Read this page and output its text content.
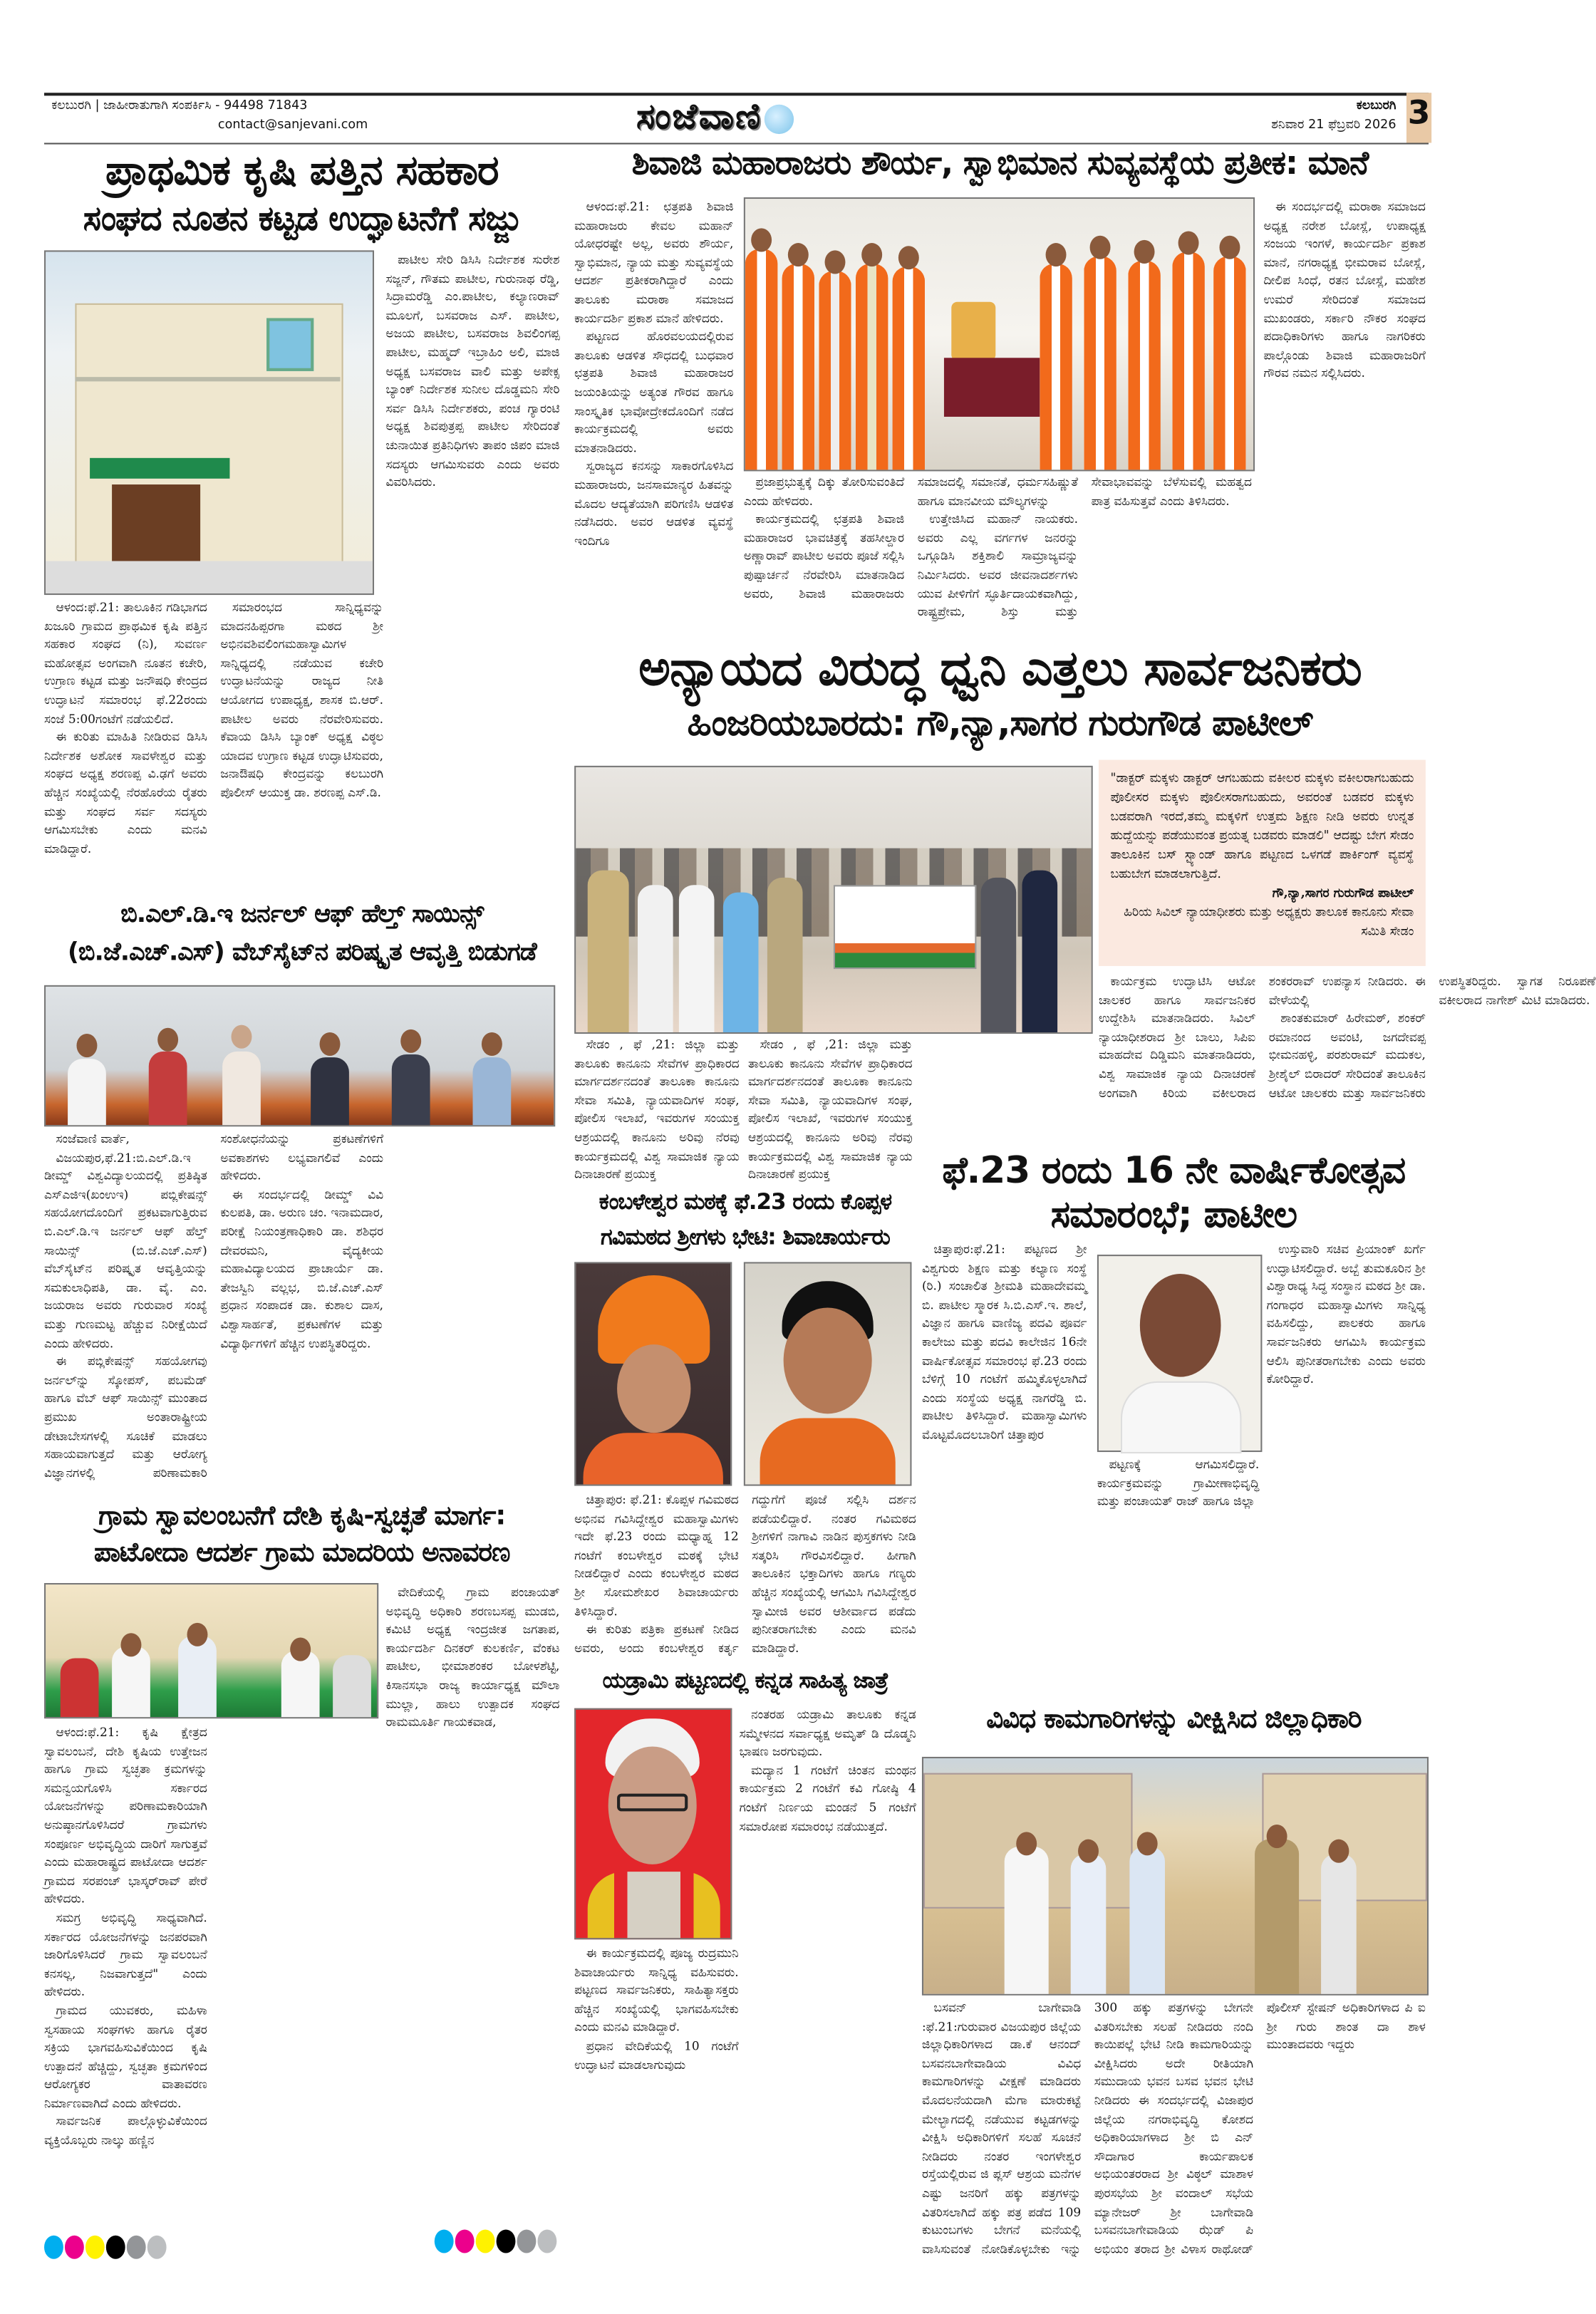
ಕಲಬುರಗಿ | ಜಾಹೀರಾತುಗಾಗಿ ಸಂಪರ್ಕಿಸಿ - 94498 71843
contact@sanjevani.com	ಸಂಜೆವಾಣಿ	ಕಲಬುರಗಿ
ಶನಿವಾರ 21 ಫೆಬ್ರವರಿ 2026 3
ಪ್ರಾಥಮಿಕ ಕೃಷಿ ಪತ್ತಿನ ಸಹಕಾರ
ಸಂಘದ ನೂತನ ಕಟ್ಟಡ ಉದ್ಘಾಟನೆಗೆ ಸಜ್ಜು

ಪಾಟೀಲ ಸೇರಿ ಡಿಸಿಸಿ ನಿರ್ದೇಶಕ ಸುರೇಶ ಸಜ್ಜನ್, ಗೌತಮ ಪಾಟೀಲ, ಗುರುನಾಥ ರೆಡ್ಡಿ, ಸಿದ್ರಾಮರೆಡ್ಡಿ ಎಂ.ಪಾಟೀಲ, ಕಲ್ಯಾಣರಾವ್ ಮೂಲಗೆ, ಬಸವರಾಜ ಎಸ್. ಪಾಟೀಲ, ಅಜಯ ಪಾಟೀಲ, ಬಸವರಾಜ ಶಿವಲಿಂಗಪ್ಪ ಪಾಟೀಲ, ಮಹ್ಮದ್ ಇಬ್ರಾಹಿಂ ಅಲಿ, ಮಾಜಿ ಅಧ್ಯಕ್ಷ ಬಸವರಾಜ ವಾಲಿ ಮತ್ತು ಅಪೇಕ್ಸ ಬ್ಯಾಂಕ್ ನಿರ್ದೇಶಕ ಸುನೀಲ ದೊಡ್ಡಮನಿ ಸೇರಿ ಸರ್ವ ಡಿಸಿಸಿ ನಿರ್ದೇಶಕರು, ಪಂಚ ಗ್ಯಾರಂಟಿ ಅಧ್ಯಕ್ಷ ಶಿವಪುತ್ರಪ್ಪ ಪಾಟೀಲ ಸೇರಿದಂತೆ ಚುನಾಯಿತ ಪ್ರತಿನಿಧಿಗಳು ತಾಪಂ ಜಿಪಂ ಮಾಜಿ ಸದಸ್ಯರು ಆಗಮಿಸುವರು ಎಂದು ಅವರು ವಿವರಿಸಿದರು.

ಆಳಂದ:ಫೆ.21: ತಾಲೂಕಿನ ಗಡಿಭಾಗದ ಖಜೂರಿ ಗ್ರಾಮದ ಪ್ರಾಥಮಿಕ ಕೃಷಿ ಪತ್ತಿನ ಸಹಕಾರ ಸಂಘದ (ನಿ), ಸುವರ್ಣ ಮಹೋತ್ಸವ ಅಂಗವಾಗಿ ನೂತನ ಕಚೇರಿ, ಉಗ್ರಾಣ ಕಟ್ಟಡ ಮತ್ತು ಜನೌಷಧಿ ಕೇಂದ್ರದ ಉದ್ಘಾಟನೆ ಸಮಾರಂಭ ಫೆ.22ರಂದು ಸಂಜೆ 5:00ಗಂಟೆಗೆ ನಡೆಯಲಿದೆ.

ಈ ಕುರಿತು ಮಾಹಿತಿ ನೀಡಿರುವ ಡಿಸಿಸಿ ನಿರ್ದೇಶಕ ಅಶೋಕ ಸಾವಳೇಶ್ವರ ಮತ್ತು ಸಂಘದ ಅಧ್ಯಕ್ಷ ಶರಣಪ್ಪ ವಿ.ಢಗೆ ಅವರು ಹೆಚ್ಚಿನ ಸಂಖ್ಯೆಯಲ್ಲಿ ನೆರಹೊರೆಯ ರೈತರು ಮತ್ತು ಸಂಘದ ಸರ್ವ ಸದಸ್ಯರು ಆಗಮಿಸಬೇಕು ಎಂದು ಮನವಿ ಮಾಡಿದ್ದಾರೆ.

ಸಮಾರಂಭದ ಸಾನ್ನಿಧ್ಯವನ್ನು ಮಾದನಹಿಪ್ಪರಗಾ ಮಠದ ಶ್ರೀ ಅಭಿನವಶಿವಲಿಂಗಮಹಾಸ್ವಾಮಿಗಳ ಸಾನ್ನಿಧ್ಯದಲ್ಲಿ ನಡೆಯುವ ಕಚೇರಿ ಉದ್ಘಾಟನೆಯನ್ನು ರಾಜ್ಯದ ನೀತಿ ಆಯೋಗದ ಉಪಾಧ್ಯಕ್ಷ, ಶಾಸಕ ಬಿ.ಆರ್. ಪಾಟೀಲ ಅವರು ನೆರವೇರಿಸುವರು. ಕೆವಾಯ ಡಿಸಿಸಿ ಬ್ಯಾಂಕ್ ಅಧ್ಯಕ್ಷ ವಿಠ್ಠಲ ಯಾದವ ಉಗ್ರಾಣ ಕಟ್ಟಡ ಉದ್ಘಾಟಿಸುವರು, ಜನಾಔಷಧಿ ಕೇಂದ್ರವನ್ನು ಕಲಬುರಗಿ ಪೊಲೀಸ್ ಆಯುಕ್ತ ಡಾ. ಶರಣಪ್ಪ ಎಸ್.ಡಿ.

ಬಿ.ಎಲ್.ಡಿ.ಇ ಜರ್ನಲ್ ಆಫ್ ಹೆಲ್ತ್ ಸಾಯಿನ್ಸ್
(ಬಿ.ಜೆ.ಎಚ್.ಎಸ್) ವೆಬ್‌ಸೈಟ್‌ನ ಪರಿಷ್ಕೃತ ಆವೃತ್ತಿ ಬಿಡುಗಡೆ

ಸಂಜೆವಾಣಿ ವಾರ್ತೆ,

ವಿಜಯಪುರ,ಫೆ.21:ಬಿ.ಎಲ್.ಡಿ.ಇ ಡೀಮ್ಡ್ ವಿಶ್ವವಿದ್ಯಾಲಯದಲ್ಲಿ ಪ್ರತಿಷ್ಠಿತ ಎಸ್‌ಎಜಿಇ(ಖಂಉಇ) ಪಬ್ಲಿಕೇಷನ್ಸ್ ಸಹಯೋಗದೊಂದಿಗೆ ಪ್ರಕಟವಾಗುತ್ತಿರುವ ಬಿ.ಎಲ್.ಡಿ.ಇ ಜರ್ನಲ್ ಆಫ್ ಹೆಲ್ತ್ ಸಾಯಿನ್ಸ್ (ಬಿ.ಜೆ.ಎಚ್.ಎಸ್) ವೆಬ್‌ಸೈಟ್‌ನ ಪರಿಷ್ಕೃತ ಆವೃತ್ತಿಯನ್ನು ಸಮಕುಲಾಧಿಪತಿ, ಡಾ. ವೈ. ಎಂ. ಜಯರಾಜ ಅವರು ಗುರುವಾರ ಸಂಖ್ಯೆ ಮತ್ತು ಗುಣಮಟ್ಟ ಹೆಚ್ಚುವ ನಿರೀಕ್ಷೆಯಿದೆ ಎಂದು ಹೇಳಿದರು.

ಈ ಪಬ್ಲಿಕೇಷನ್ಸ್ ಸಹಯೋಗವು ಜರ್ನಲ್‌ನ್ನು ಸ್ಕೋಪಸ್, ಪಬಮೆಡ್ ಹಾಗೂ ವೆಬ್ ಆಫ್ ಸಾಯಿನ್ಸ್ ಮುಂತಾದ ಪ್ರಮುಖ ಅಂತಾರಾಷ್ಟ್ರೀಯ ಡೇಟಾಬೇಸಗಳಲ್ಲಿ ಸೂಚಿಕೆ ಮಾಡಲು ಸಹಾಯವಾಗುತ್ತದೆ ಮತ್ತು ಆರೋಗ್ಯ ವಿಜ್ಞಾನಗಳಲ್ಲಿ ಪರಿಣಾಮಕಾರಿ ಸಂಶೋಧನೆಯನ್ನು ಪ್ರಕಟಣೆಗಳಿಗೆ ಅವಕಾಶಗಳು ಲಭ್ಯವಾಗಲಿವೆ ಎಂದು ಹೇಳಿದರು.

ಈ ಸಂದರ್ಭದಲ್ಲಿ ಡೀಮ್ಡ್ ವಿವಿ ಕುಲಪತಿ, ಡಾ. ಅರುಣ ಚಂ. ಇನಾಮದಾರ, ಪರೀಕ್ಷೆ ನಿಯಂತ್ರಣಾಧಿಕಾರಿ ಡಾ. ಶಶಿಧರ ದೇವರಮನಿ, ವೈದ್ಯಕೀಯ ಮಹಾವಿದ್ಯಾಲಯದ ಪ್ರಾಚಾರ್ಯೆ ಡಾ. ತೇಜಸ್ವಿನಿ ವಲ್ಲಭ, ಬಿ.ಜೆ.ಎಚ್.ಎಸ್ ಪ್ರಧಾನ ಸಂಪಾದಕ ಡಾ. ಕುಶಾಲ ದಾಸ, ವಿಶ್ವಾಸಾರ್ಹತೆ, ಪ್ರಕಟಣೆಗಳ ಮತ್ತು ವಿದ್ಯಾರ್ಥಿಗಳಿಗೆ ಹೆಚ್ಚಿನ ಉಪಸ್ಥಿತರಿದ್ದರು.

ಗ್ರಾಮ ಸ್ವಾವಲಂಬನೆಗೆ ದೇಶಿ ಕೃಷಿ-ಸ್ವಚ್ಛತೆ ಮಾರ್ಗ:
ಪಾಟೋದಾ ಆದರ್ಶ ಗ್ರಾಮ ಮಾದರಿಯ ಅನಾವರಣ

ವೇದಿಕೆಯಲ್ಲಿ ಗ್ರಾಮ ಪಂಚಾಯತ್ ಅಭಿವೃದ್ಧಿ ಅಧಿಕಾರಿ ಶರಣಬಸಪ್ಪ ಮುಡಬಿ, ಕಮಿಟಿ ಅಧ್ಯಕ್ಷ ಇಂದ್ರಜೀತ ಜಗತಾಪ, ಕಾರ್ಯದರ್ಶಿ ದಿನಕರ್ ಕುಲಕರ್ಣಿ, ವೆಂಕಟ ಪಾಟೀಲ, ಭೀಮಾಶಂಕರ ಬೋಳಶೆಟ್ಟಿ, ಕಿಸಾನಸಭಾ ರಾಜ್ಯ ಕಾರ್ಯಾಧ್ಯಕ್ಷ ಮೌಲಾ ಮುಲ್ಲಾ, ಹಾಲು ಉತ್ಪಾದಕ ಸಂಘದ ರಾಮಮೂರ್ತಿ ಗಾಯಕವಾಡ,

ಆಳಂದ:ಫೆ.21: ಕೃಷಿ ಕ್ಷೇತ್ರದ ಸ್ವಾವಲಂಬನೆ, ದೇಶಿ ಕೃಷಿಯ ಉತ್ತೇಜನ ಹಾಗೂ ಗ್ರಾಮ ಸ್ವಚ್ಛತಾ ಕ್ರಮಗಳನ್ನು ಸಮನ್ವಯಗೊಳಿಸಿ ಸರ್ಕಾರದ ಯೋಜನೆಗಳನ್ನು ಪರಿಣಾಮಕಾರಿಯಾಗಿ ಅನುಷ್ಠಾನಗೊಳಿಸಿದರೆ ಗ್ರಾಮಗಳು ಸಂಪೂರ್ಣ ಅಭಿವೃದ್ಧಿಯ ದಾರಿಗೆ ಸಾಗುತ್ತವೆ ಎಂದು ಮಹಾರಾಷ್ಟ್ರದ ಪಾಟೋದಾ ಆದರ್ಶ ಗ್ರಾಮದ ಸರಪಂಚ್ ಭಾಸ್ಕರ್‌ರಾವ್ ಪೇರೆ ಹೇಳಿದರು.

ಸಮಗ್ರ ಅಭಿವೃದ್ಧಿ ಸಾಧ್ಯವಾಗಿದೆ. ಸರ್ಕಾರದ ಯೋಜನೆಗಳನ್ನು ಜನಪರವಾಗಿ ಜಾರಿಗೊಳಿಸಿದರೆ ಗ್ರಾಮ ಸ್ವಾವಲಂಬನೆ ಕನಸಲ್ಲ, ನಿಜವಾಗುತ್ತದೆ" ಎಂದು ಹೇಳಿದರು.

ಗ್ರಾಮದ ಯುವಕರು, ಮಹಿಳಾ ಸ್ವಸಹಾಯ ಸಂಘಗಳು ಹಾಗೂ ರೈತರ ಸಕ್ರಿಯ ಭಾಗವಹಿಸುವಿಕೆಯಿಂದ ಕೃಷಿ ಉತ್ಪಾದನೆ ಹೆಚ್ಚಿದ್ದು, ಸ್ವಚ್ಛತಾ ಕ್ರಮಗಳಿಂದ ಆರೋಗ್ಯಕರ ವಾತಾವರಣ ನಿರ್ಮಾಣವಾಗಿದೆ ಎಂದು ಹೇಳಿದರು.

ಸಾರ್ವಜನಿಕ ಪಾಲ್ಗೊಳ್ಳುವಿಕೆಯಿಂದ ವ್ಯಕ್ತಿಯೊಬ್ಬರು ನಾಲ್ಕು ಹಣ್ಣಿನ

ಶಿವಾಜಿ ಮಹಾರಾಜರು ಶೌರ್ಯ, ಸ್ವಾಭಿಮಾನ ಸುವ್ಯವಸ್ಥೆಯ ಪ್ರತೀಕ: ಮಾನೆ

ಆಳಂದ:ಫೆ.21: ಛತ್ರಪತಿ ಶಿವಾಜಿ ಮಹಾರಾಜರು ಕೇವಲ ಮಹಾನ್ ಯೋಧರಷ್ಟೇ ಅಲ್ಲ, ಅವರು ಶೌರ್ಯ, ಸ್ವಾಭಿಮಾನ, ನ್ಯಾಯ ಮತ್ತು ಸುವ್ಯವಸ್ಥೆಯ ಆದರ್ಶ ಪ್ರತೀಕರಾಗಿದ್ದಾರೆ ಎಂದು ತಾಲೂಕು ಮರಾಠಾ ಸಮಾಜದ ಕಾರ್ಯದರ್ಶಿ ಪ್ರಕಾಶ ಮಾನೆ ಹೇಳಿದರು.

ಪಟ್ಟಣದ ಹೊರವಲಯದಲ್ಲಿರುವ ತಾಲೂಕು ಆಡಳಿತ ಸೌಧದಲ್ಲಿ ಬುಧವಾರ ಛತ್ರಪತಿ ಶಿವಾಜಿ ಮಹಾರಾಜರ ಜಯಂತಿಯನ್ನು ಅತ್ಯಂತ ಗೌರವ ಹಾಗೂ ಸಾಂಸ್ಕೃತಿಕ ಭಾವೋದ್ರೇಕದೊಂದಿಗೆ ನಡೆದ ಕಾರ್ಯಕ್ರಮದಲ್ಲಿ ಅವರು ಮಾತನಾಡಿದರು.

ಸ್ವರಾಜ್ಯದ ಕನಸನ್ನು ಸಾಕಾರಗೊಳಿಸಿದ ಮಹಾರಾಜರು, ಜನಸಾಮಾನ್ಯರ ಹಿತವನ್ನು ಮೊದಲ ಆದ್ಯತೆಯಾಗಿ ಪರಿಗಣಿಸಿ ಆಡಳಿತ ನಡೆಸಿದರು. ಅವರ ಆಡಳಿತ ವ್ಯವಸ್ಥೆ ಇಂದಿಗೂ

ಪ್ರಜಾಪ್ರಭುತ್ವಕ್ಕೆ ದಿಕ್ಕು ತೋರಿಸುವಂತಿದೆ ಎಂದು ಹೇಳಿದರು.

ಕಾರ್ಯಕ್ರಮದಲ್ಲಿ ಛತ್ರಪತಿ ಶಿವಾಜಿ ಮಹಾರಾಜರ ಭಾವಚಿತ್ರಕ್ಕೆ ತಹಸೀಲ್ದಾರ ಅಣ್ಣಾರಾವ್ ಪಾಟೀಲ ಅವರು ಪೂಜೆ ಸಲ್ಲಿಸಿ ಪುಷ್ಪಾರ್ಚನೆ ನೆರವೇರಿಸಿ ಮಾತನಾಡಿದ ಅವರು, ಶಿವಾಜಿ ಮಹಾರಾಜರು ಸಮಾಜದಲ್ಲಿ ಸಮಾನತೆ, ಧರ್ಮಸಹಿಷ್ಣುತೆ ಹಾಗೂ ಮಾನವೀಯ ಮೌಲ್ಯಗಳನ್ನು

ಉತ್ತೇಜಿಸಿದ ಮಹಾನ್ ನಾಯಕರು. ಅವರು ಎಲ್ಲ ವರ್ಗಗಳ ಜನರನ್ನು ಒಗ್ಗೂಡಿಸಿ ಶಕ್ತಿಶಾಲಿ ಸಾಮ್ರಾಜ್ಯವನ್ನು ನಿರ್ಮಿಸಿದರು. ಅವರ ಜೀವನಾದರ್ಶಗಳು ಯುವ ಪೀಳಿಗೆಗೆ ಸ್ಫೂರ್ತಿದಾಯಕವಾಗಿದ್ದು, ರಾಷ್ಟ್ರಪ್ರೇಮ, ಶಿಸ್ತು ಮತ್ತು ಸೇವಾಭಾವವನ್ನು ಬೆಳೆಸುವಲ್ಲಿ ಮಹತ್ವದ ಪಾತ್ರ ವಹಿಸುತ್ತವೆ ಎಂದು ತಿಳಿಸಿದರು.

ಈ ಸಂದರ್ಭದಲ್ಲಿ ಮರಾಠಾ ಸಮಾಜದ ಅಧ್ಯಕ್ಷ ನರೇಶ ಬೋಸ್ಲೆ, ಉಪಾಧ್ಯಕ್ಷ ಸಂಜಯ ಇಂಗಳೆ, ಕಾರ್ಯದರ್ಶಿ ಪ್ರಕಾಶ ಮಾನೆ, ನಗರಾಧ್ಯಕ್ಷ ಭೀಮರಾವ ಬೋಸ್ಲೆ, ದೀಲಿಪ ಸಿಂಧೆ, ರತನ ಬೋಸ್ಲೆ, ಮಹೇಶ ಉಮರೆ ಸೇರಿದಂತೆ ಸಮಾಜದ ಮುಖಂಡರು, ಸರ್ಕಾರಿ ನೌಕರ ಸಂಘದ ಪದಾಧಿಕಾರಿಗಳು ಹಾಗೂ ನಾಗರಿಕರು ಪಾಲ್ಗೊಂಡು ಶಿವಾಜಿ ಮಹಾರಾಜರಿಗೆ ಗೌರವ ನಮನ ಸಲ್ಲಿಸಿದರು.

ಅನ್ಯಾಯದ ವಿರುದ್ಧ ಧ್ವನಿ ಎತ್ತಲು ಸಾರ್ವಜನಿಕರು
ಹಿಂಜರಿಯಬಾರದು: ಗೌ,ನ್ಯಾ,ಸಾಗರ ಗುರುಗೌಡ ಪಾಟೀಲ್

"ಡಾಕ್ಟರ್ ಮಕ್ಕಳು ಡಾಕ್ಟರ್ ಆಗಬಹುದು ವಕೀಲರ ಮಕ್ಕಳು ವಕೀಲರಾಗಬಹುದು ಪೊಲೀಸರ ಮಕ್ಕಳು ಪೊಲೀಸರಾಗಬಹುದು, ಅವರಂತೆ ಬಡವರ ಮಕ್ಕಳು ಬಡವರಾಗಿ ಇರದೆ,ತಮ್ಮ ಮಕ್ಕಳಿಗೆ ಉತ್ತಮ ಶಿಕ್ಷಣ ನೀಡಿ ಅವರು ಉನ್ನತ ಹುದ್ದೆಯನ್ನು ಪಡೆಯುವಂತ ಪ್ರಯತ್ನ ಬಡವರು ಮಾಡಲಿ" ಆದಷ್ಟು ಬೇಗ ಸೇಡಂ ತಾಲೂಕಿನ ಬಸ್ ಸ್ಟ್ಯಾಂಡ್ ಹಾಗೂ ಪಟ್ಟಣದ ಒಳಗಡೆ ಪಾರ್ಕಿಂಗ್ ವ್ಯವಸ್ಥೆ ಬಹುಬೇಗ ಮಾಡಲಾಗುತ್ತಿದೆ.

ಗೌ,ನ್ಯಾ,ಸಾಗರ ಗುರುಗೌಡ ಪಾಟೀಲ್

ಹಿರಿಯ ಸಿವಿಲ್ ನ್ಯಾಯಾಧೀಶರು ಮತ್ತು ಅಧ್ಯಕ್ಷರು ತಾಲೂಕ ಕಾನೂನು ಸೇವಾ ಸಮಿತಿ ಸೇಡಂ

ಸೇಡಂ , ಫೆ ,21: ಜಿಲ್ಲಾ ಮತ್ತು ತಾಲೂಕು ಕಾನೂನು ಸೇವೆಗಳ ಪ್ರಾಧಿಕಾರದ ಮಾರ್ಗದರ್ಶನದಂತೆ ತಾಲೂಕಾ ಕಾನೂನು ಸೇವಾ ಸಮಿತಿ, ನ್ಯಾಯವಾದಿಗಳ ಸಂಘ, ಪೋಲಿಸ ಇಲಾಖೆ, ಇವರುಗಳ ಸಂಯುಕ್ತ ಆಶ್ರಯದಲ್ಲಿ ಕಾನೂನು ಅರಿವು ನೆರವು ಕಾರ್ಯಕ್ರಮದಲ್ಲಿ ವಿಶ್ವ ಸಾಮಾಜಿಕ ನ್ಯಾಯ ದಿನಾಚಾರಣೆ ಪ್ರಯುಕ್ತ

ಸೇಡಂ , ಫೆ ,21: ಜಿಲ್ಲಾ ಮತ್ತು ತಾಲೂಕು ಕಾನೂನು ಸೇವೆಗಳ ಪ್ರಾಧಿಕಾರದ ಮಾರ್ಗದರ್ಶನದಂತೆ ತಾಲೂಕಾ ಕಾನೂನು ಸೇವಾ ಸಮಿತಿ, ನ್ಯಾಯವಾದಿಗಳ ಸಂಘ, ಪೋಲಿಸ ಇಲಾಖೆ, ಇವರುಗಳ ಸಂಯುಕ್ತ ಆಶ್ರಯದಲ್ಲಿ ಕಾನೂನು ಅರಿವು ನೆರವು ಕಾರ್ಯಕ್ರಮದಲ್ಲಿ ವಿಶ್ವ ಸಾಮಾಜಿಕ ನ್ಯಾಯ ದಿನಾಚಾರಣೆ ಪ್ರಯುಕ್ತ

ಕಾರ್ಯಕ್ರಮ ಉದ್ಘಾಟಿಸಿ ಆಟೋ ಚಾಲಕರ ಹಾಗೂ ಸಾರ್ವಜನಿಕರ ಉದ್ದೇಶಿಸಿ ಮಾತನಾಡಿದರು. ಸಿವಿಲ್ ನ್ಯಾಯಾಧೀಶರಾದ ಶ್ರೀ ಬಾಲು, ಸಿಪಿಐ ಮಾಹದೇವ ದಿಡ್ಡಿಮನಿ ಮಾತನಾಡಿದರು, ವಿಶ್ವ ಸಾಮಾಜಿಕ ನ್ಯಾಯ ದಿನಾಚರಣೆ ಅಂಗವಾಗಿ ಕಿರಿಯ ವಕೀಲರಾದ ಶಂಕರರಾವ್ ಉಪನ್ಯಾಸ ನೀಡಿದರು. ಈ ವೇಳೆಯಲ್ಲಿ

ಶಾಂತಕುಮಾರ್ ಹಿರೇಮಠ್, ಶಂಕರ್ ರಮಾನಂದ ಅವಂಟಿ, ಜಗದೇವಪ್ಪ ಭೀಮನಹಳ್ಳಿ, ಪರಶುರಾಮ್ ಮದುಕಲ, ಶ್ರೀಶೈಲ್ ಬಿರಾದರ್ ಸೇರಿದಂತೆ ತಾಲೂಕಿನ ಆಟೋ ಚಾಲಕರು ಮತ್ತು ಸಾರ್ವಜನಿಕರು ಉಪಸ್ಥಿತರಿದ್ದರು. ಸ್ವಾಗತ ನಿರೂಪಣೆ ವಕೀಲರಾದ ನಾಗೇಶ್ ಮಿಟಿ ಮಾಡಿದರು.

ಕಂಬಳೇಶ್ವರ ಮಠಕ್ಕೆ ಫೆ.23 ರಂದು ಕೊಪ್ಪಳ
ಗವಿಮಠದ ಶ್ರೀಗಳು ಭೇಟಿ: ಶಿವಾಚಾರ್ಯರು

ಚಿತ್ತಾಪುರ: ಫೆ.21: ಕೊಪ್ಪಳ ಗವಿಮಠದ ಅಭಿನವ ಗವಿಸಿದ್ದೇಶ್ವರ ಮಹಾಸ್ವಾಮಿಗಳು ಇದೇ ಫೆ.23 ರಂದು ಮಧ್ಯಾಹ್ನ 12 ಗಂಟೆಗೆ ಕಂಬಳೇಶ್ವರ ಮಠಕ್ಕೆ ಭೇಟಿ ನೀಡಲಿದ್ದಾರೆ ಎಂದು ಕಂಬಳೇಶ್ವರ ಮಠದ ಶ್ರೀ ಸೋಮಶೇಖರ ಶಿವಾಚಾರ್ಯರು ತಿಳಿಸಿದ್ದಾರೆ.

ಈ ಕುರಿತು ಪತ್ರಿಕಾ ಪ್ರಕಟಣೆ ನೀಡಿದ ಅವರು, ಅಂದು ಕಂಬಳೇಶ್ವರ ಕರ್ತೃ ಗದ್ದುಗೆಗೆ ಪೂಜೆ ಸಲ್ಲಿಸಿ ದರ್ಶನ ಪಡೆಯಲಿದ್ದಾರೆ. ನಂತರ ಗವಿಮಠದ ಶ್ರೀಗಳಿಗೆ ನಾಗಾವಿ ನಾಡಿನ ಪುಸ್ತಕಗಳು ನೀಡಿ ಸತ್ಕರಿಸಿ ಗೌರವಿಸಲಿದ್ದಾರೆ. ಹೀಗಾಗಿ ತಾಲೂಕಿನ ಭಕ್ತಾದಿಗಳು ಹಾಗೂ ಗಣ್ಯರು ಹೆಚ್ಚಿನ ಸಂಖ್ಯೆಯಲ್ಲಿ ಆಗಮಿಸಿ ಗವಿಸಿದ್ದೇಶ್ವರ ಸ್ವಾಮೀಜಿ ಅವರ ಆಶೀರ್ವಾದ ಪಡೆದು ಪುನೀತರಾಗಬೇಕು ಎಂದು ಮನವಿ ಮಾಡಿದ್ದಾರೆ.

ಫೆ.23 ರಂದು 16 ನೇ ವಾರ್ಷಿಕೋತ್ಸವ
ಸಮಾರಂಭೆ; ಪಾಟೀಲ

ಚಿತ್ತಾಪುರ:ಫೆ.21: ಪಟ್ಟಣದ ಶ್ರೀ ವಿಶ್ವಗುರು ಶಿಕ್ಷಣ ಮತ್ತು ಕಲ್ಯಾಣ ಸಂಸ್ಥೆ (ರಿ.) ಸಂಚಾಲಿತ ಶ್ರೀಮತಿ ಮಹಾದೇವಮ್ಮ ಬಿ. ಪಾಟೀಲ ಸ್ಮಾರಕ ಸಿ.ಬಿ.ಎಸ್.ಇ. ಶಾಲೆ, ವಿಜ್ಞಾನ ಹಾಗೂ ವಾಣಿಜ್ಯ ಪದವಿ ಪೂರ್ವ ಕಾಲೇಜು ಮತ್ತು ಪದವಿ ಕಾಲೇಜಿನ 16ನೇ ವಾರ್ಷಿಕೋತ್ಸವ ಸಮಾರಂಭ ಫೆ.23 ರಂದು ಬೆಳಿಗ್ಗೆ 10 ಗಂಟೆಗೆ ಹಮ್ಮಿಕೊಳ್ಳಲಾಗಿದೆ ಎಂದು ಸಂಸ್ಥೆಯ ಅಧ್ಯಕ್ಷ ನಾಗರೆಡ್ಡಿ ಬಿ. ಪಾಟೀಲ ತಿಳಿಸಿದ್ದಾರೆ. ಮಹಾಸ್ವಾಮಿಗಳು ಮೊಟ್ಟಮೊದಲಬಾರಿಗೆ ಚಿತ್ತಾಪುರ

ಪಟ್ಟಣಕ್ಕೆ ಆಗಮಿಸಲಿದ್ದಾರೆ. ಕಾರ್ಯಕ್ರಮವನ್ನು ಗ್ರಾಮೀಣಾಭಿವೃದ್ಧಿ ಮತ್ತು ಪಂಚಾಯತ್ ರಾಜ್ ಹಾಗೂ ಜಿಲ್ಲಾ

ಉಸ್ತುವಾರಿ ಸಚಿವ ಪ್ರಿಯಾಂಕ್ ಖರ್ಗೆ ಉದ್ಘಾಟಿಸಲಿದ್ದಾರೆ. ಅಬ್ಬೆ ತುಮಕೂರಿನ ಶ್ರೀ ವಿಶ್ವಾರಾಧ್ಯ ಸಿದ್ಧ ಸಂಸ್ಥಾನ ಮಠದ ಶ್ರೀ ಡಾ. ಗಂಗಾಧರ ಮಹಾಸ್ವಾಮಿಗಳು ಸಾನ್ನಿಧ್ಯ ವಹಿಸಲಿದ್ದು, ಪಾಲಕರು ಹಾಗೂ ಸಾರ್ವಜನಿಕರು ಆಗಮಿಸಿ ಕಾರ್ಯಕ್ರಮ ಆಲಿಸಿ ಪುನೀತರಾಗಬೇಕು ಎಂದು ಅವರು ಕೋರಿದ್ದಾರೆ.

ಯಡ್ರಾಮಿ ಪಟ್ಟಣದಲ್ಲಿ ಕನ್ನಡ ಸಾಹಿತ್ಯ ಜಾತ್ರೆ

ನಂತರಹ ಯಡ್ರಾಮಿ ತಾಲೂಕು ಕನ್ನಡ ಸಮ್ಮೇಳನದ ಸರ್ವಾಧ್ಯಕ್ಷ ಅಮೃತ್ ಡಿ ದೊಡ್ಮನಿ ಭಾಷಣ ಜರಗುವುದು.

ಮದ್ಯಾನ 1 ಗಂಟೆಗೆ ಚಿಂತನ ಮಂಥನ ಕಾರ್ಯಕ್ರಮ 2 ಗಂಟೆಗೆ ಕವಿ ಗೋಷ್ಠಿ 4 ಗಂಟೆಗೆ ನಿರ್ಣಯ ಮಂಡನೆ 5 ಗಂಟೆಗೆ ಸಮಾರೋಪ ಸಮಾರಂಭ ನಡೆಯುತ್ತದೆ.

ಈ ಕಾರ್ಯಕ್ರಮದಲ್ಲಿ ಪೂಜ್ಯ ರುದ್ರಮುನಿ ಶಿವಾಚಾರ್ಯರು ಸಾನ್ನಿಧ್ಯ ವಹಿಸುವರು. ಪಟ್ಟಣದ ಸಾರ್ವಜನಿಕರು, ಸಾಹಿತ್ಯಾಸಕ್ತರು ಹೆಚ್ಚಿನ ಸಂಖ್ಯೆಯಲ್ಲಿ ಭಾಗವಹಿಸಬೇಕು ಎಂದು ಮನವಿ ಮಾಡಿದ್ದಾರೆ.

ಪ್ರಧಾನ ವೇದಿಕೆಯಲ್ಲಿ 10 ಗಂಟೆಗೆ ಉದ್ಘಾಟನೆ ಮಾಡಲಾಗುವುದು

ವಿವಿಧ ಕಾಮಗಾರಿಗಳನ್ನು ವೀಕ್ಷಿಸಿದ ಜಿಲ್ಲಾಧಿಕಾರಿ

ಬಸವನ್ ಬಾಗೇವಾಡಿ :ಫೆ.21:ಗುರುವಾರ ವಿಜಯಪುರ ಜಿಲ್ಲೆಯ ಜಿಲ್ಲಾಧಿಕಾರಿಗಳಾದ ಡಾ.ಕೆ ಆನಂದ್ ಬಸವನಬಾಗೇವಾಡಿಯ ವಿವಿಧ ಕಾಮಗಾರಿಗಳನ್ನು ವೀಕ್ಷಣೆ ಮಾಡಿದರು ಮೊದಲನೆಯದಾಗಿ ಮೆಗಾ ಮಾರುಕಟ್ಟೆ ಮೇಲ್ಭಾಗದಲ್ಲಿ ನಡೆಯುವ ಕಟ್ಟಡಗಳನ್ನು ವೀಕ್ಷಿಸಿ ಅಧಿಕಾರಿಗಳಿಗೆ ಸಲಹೆ ಸೂಚನೆ ನೀಡಿದರು ನಂತರ ಇಂಗಳೇಶ್ವರ ರಸ್ತೆಯಲ್ಲಿರುವ ಜಿ ಪ್ಲಸ್ ಆಶ್ರಯ ಮನೆಗಳ ಎಷ್ಟು ಜನರಿಗೆ ಹಕ್ಕು ಪತ್ರಗಳನ್ನು ವಿತರಿಸಲಾಗಿದೆ ಹಕ್ಕು ಪತ್ರ ಪಡೆದ 109 ಕುಟುಂಬಗಳು ಬೇಗನೆ ಮನೆಯಲ್ಲಿ ವಾಸಿಸುವಂತೆ ನೋಡಿಕೊಳ್ಳಬೇಕು ಇನ್ನು 300 ಹಕ್ಕು ಪತ್ರಗಳನ್ನು ಬೇಗನೇ ವಿತರಿಸಬೇಕು ಸಲಹೆ ನೀಡಿದರು ನಂದಿ ಕಾಯಿಪಲ್ಲೆ ಭೇಟಿ ನೀಡಿ ಕಾಮಗಾರಿಯನ್ನು ವೀಕ್ಷಿಸಿದರು ಅದೇ ರೀತಿಯಾಗಿ ಸಮುದಾಯ ಭವನ ಬಸವ ಭವನ ಭೇಟಿ ನೀಡಿದರು ಈ ಸಂದರ್ಭದಲ್ಲಿ ವಿಜಾಪುರ ಜಿಲ್ಲೆಯ ನಗರಾಭಿವೃದ್ಧಿ ಕೋಶದ ಅಧಿಕಾರಿಯಾಗಳಾದ ಶ್ರೀ ಬಿ ಎನ್ ಸೌದಾಗಾರ ಕಾರ್ಯಪಾಲಕ ಅಭಿಯಂತರರಾದ ಶ್ರೀ ವಿಠ್ಠಲ್ ಮಾಶಾಳ ಪುರಸಭೆಯ ಶ್ರೀ ವಂದಾಲ್ ಸಭೆಯ ಮ್ಯಾನೇಜರ್ ಶ್ರೀ ಬಾಗೇವಾಡಿ ಬಸವನಬಾಗೇವಾಡಿಯ ಝೆಡ್ ಪಿ ಅಭಿಯಂ ತರಾದ ಶ್ರೀ ವಿಳಾಸ ರಾಥೋಡ್ ಪೊಲೀಸ್ ಸ್ಟೇಷನ್ ಅಧಿಕಾರಿಗಳಾದ ಪಿ ಐ ಶ್ರೀ ಗುರು ಶಾಂತ ದಾ ಶಾಳ ಮುಂತಾದವರು ಇದ್ದರು
